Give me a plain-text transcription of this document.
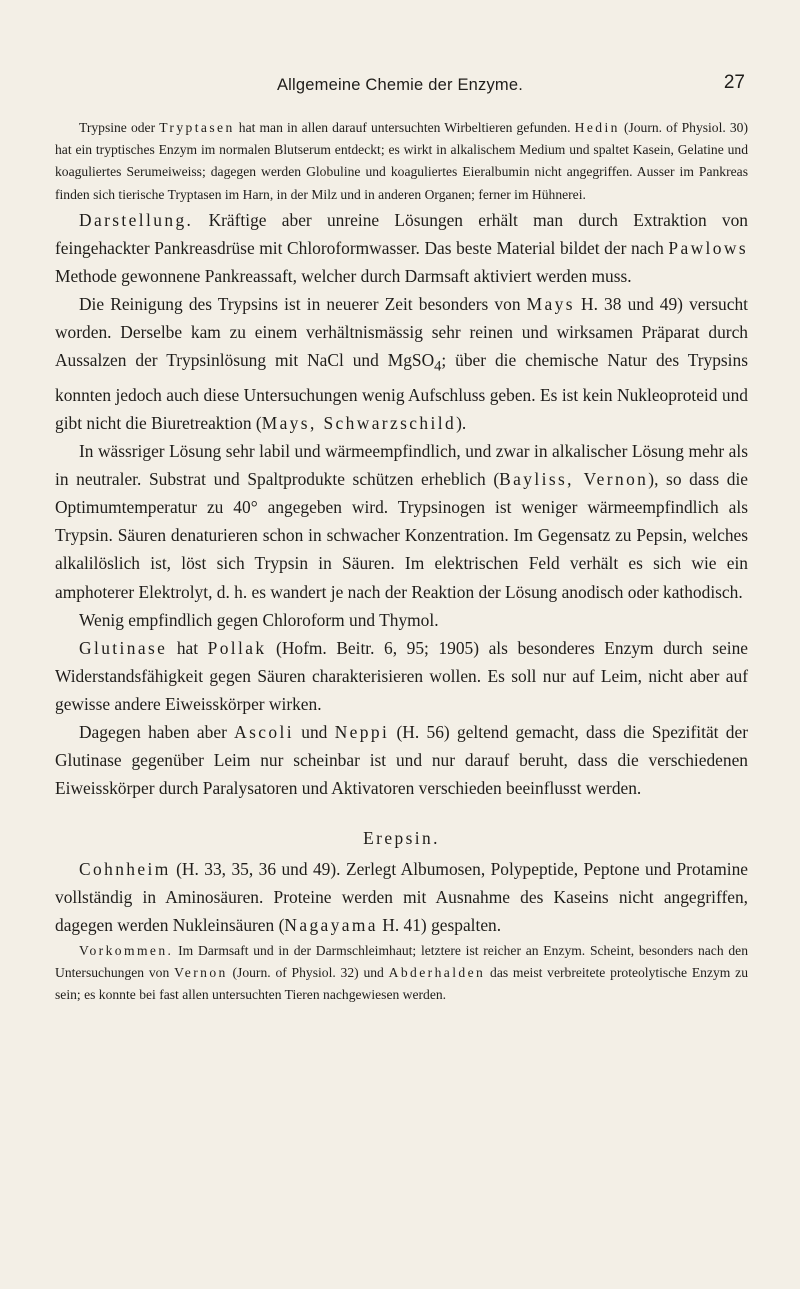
Allgemeine Chemie der Enzyme.	27

Trypsine oder Tryptasen hat man in allen darauf untersuchten Wirbeltieren gefunden. Hedin (Journ. of Physiol. 30) hat ein tryptisches Enzym im normalen Blutserum entdeckt; es wirkt in alkalischem Medium und spaltet Kasein, Gelatine und koaguliertes Serumeiweiss; dagegen werden Globuline und koaguliertes Eieralbumin nicht angegriffen. Ausser im Pankreas finden sich tierische Tryptasen im Harn, in der Milz und in anderen Organen; ferner im Hühnerei.

Darstellung. Kräftige aber unreine Lösungen erhält man durch Extraktion von feingehackter Pankreasdrüse mit Chloroformwasser. Das beste Material bildet der nach Pawlows Methode gewonnene Pankreassaft, welcher durch Darmsaft aktiviert werden muss.

Die Reinigung des Trypsins ist in neuerer Zeit besonders von Mays H. 38 und 49) versucht worden. Derselbe kam zu einem verhältnismässig sehr reinen und wirksamen Präparat durch Aussalzen der Trypsinlösung mit NaCl und MgSO$_4$; über die chemische Natur des Trypsins konnten jedoch auch diese Untersuchungen wenig Aufschluss geben. Es ist kein Nukleoproteid und gibt nicht die Biuretreaktion (Mays, Schwarzschild).

In wässriger Lösung sehr labil und wärmeempfindlich, und zwar in alkalischer Lösung mehr als in neutraler. Substrat und Spaltprodukte schützen erheblich (Bayliss, Vernon), so dass die Optimumtemperatur zu 40° angegeben wird. Trypsinogen ist weniger wärmeempfindlich als Trypsin. Säuren denaturieren schon in schwacher Konzentration. Im Gegensatz zu Pepsin, welches alkalilöslich ist, löst sich Trypsin in Säuren. Im elektrischen Feld verhält es sich wie ein amphoterer Elektrolyt, d. h. es wandert je nach der Reaktion der Lösung anodisch oder kathodisch.

Wenig empfindlich gegen Chloroform und Thymol.

Glutinase hat Pollak (Hofm. Beitr. 6, 95; 1905) als besonderes Enzym durch seine Widerstandsfähigkeit gegen Säuren charakterisieren wollen. Es soll nur auf Leim, nicht aber auf gewisse andere Eiweisskörper wirken.

Dagegen haben aber Ascoli und Neppi (H. 56) geltend gemacht, dass die Spezifität der Glutinase gegenüber Leim nur scheinbar ist und nur darauf beruht, dass die verschiedenen Eiweisskörper durch Paralysatoren und Aktivatoren verschieden beeinflusst werden.

Erepsin.

Cohnheim (H. 33, 35, 36 und 49). Zerlegt Albumosen, Polypeptide, Peptone und Protamine vollständig in Aminosäuren. Proteine werden mit Ausnahme des Kaseins nicht angegriffen, dagegen werden Nukleinsäuren (Nagayama H. 41) gespalten.

Vorkommen. Im Darmsaft und in der Darmschleimhaut; letztere ist reicher an Enzym. Scheint, besonders nach den Untersuchungen von Vernon (Journ. of Physiol. 32) und Abderhalden das meist verbreitete proteolytische Enzym zu sein; es konnte bei fast allen untersuchten Tieren nachgewiesen werden.
